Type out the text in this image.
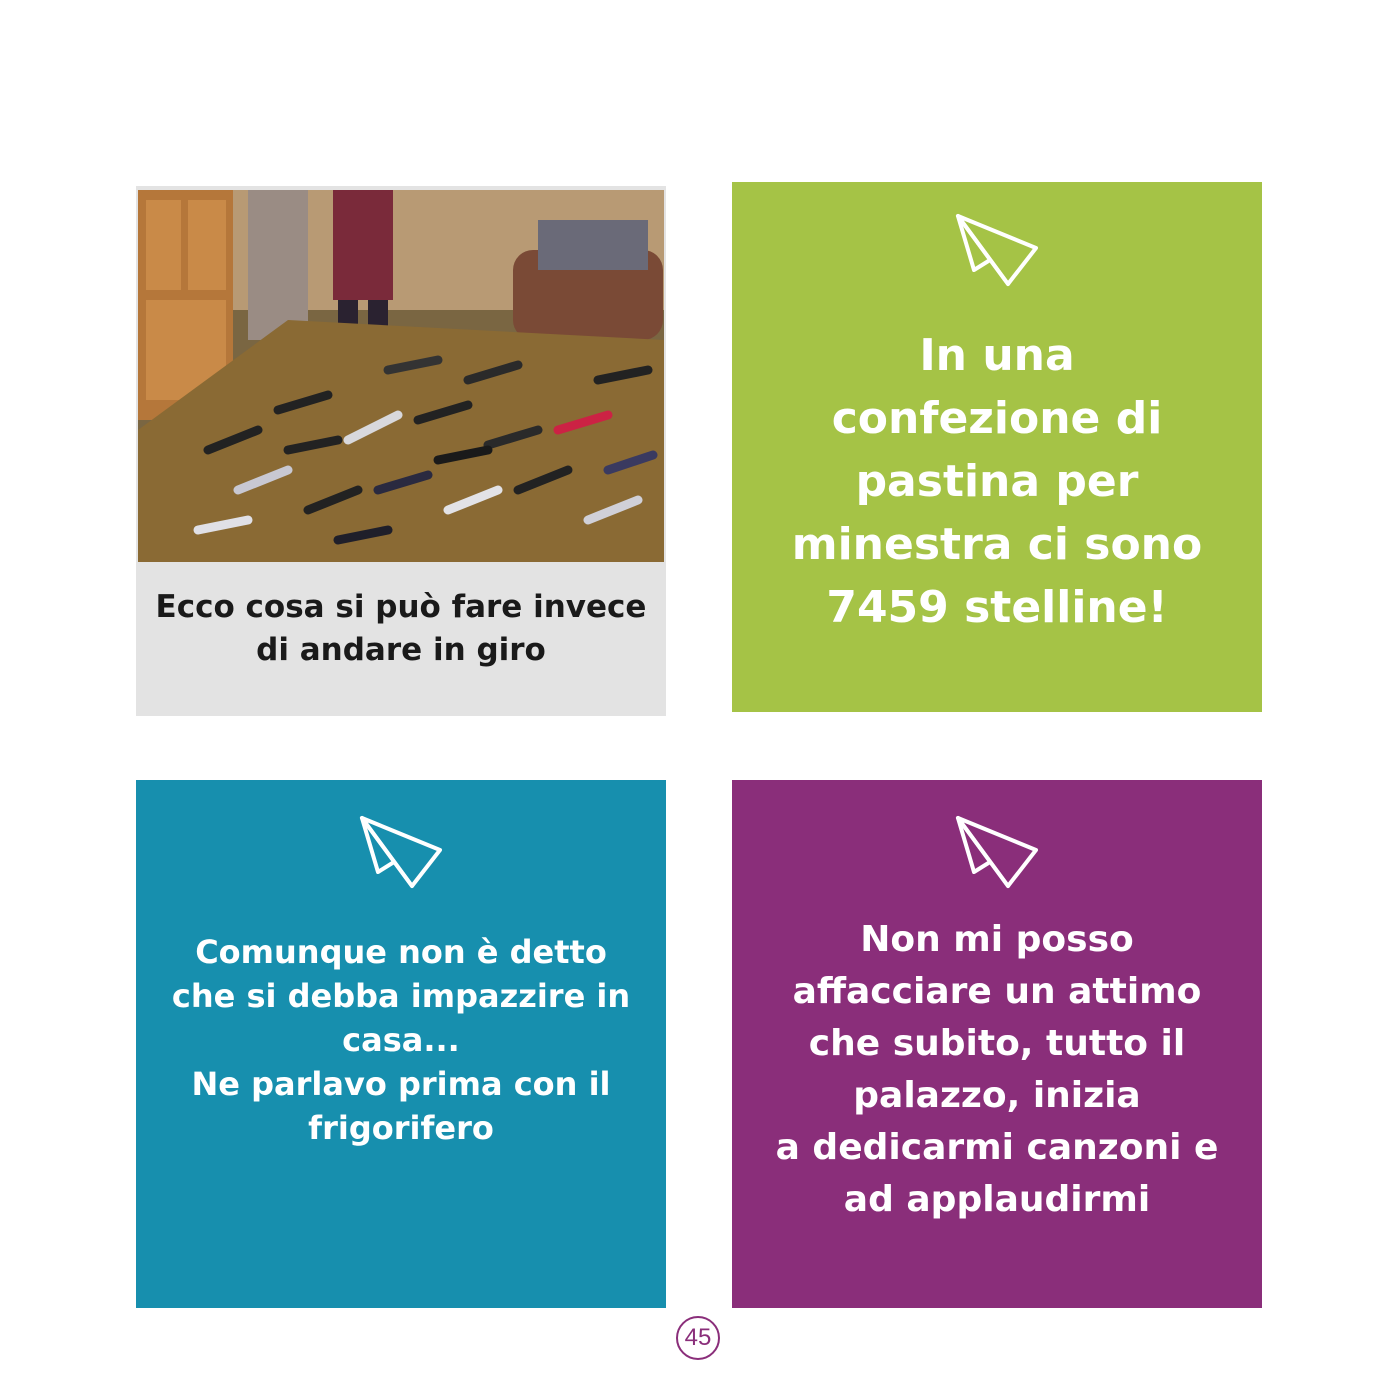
Ecco cosa si può fare invece
di andare in giro
In una
confezione di
pastina per
minestra ci sono
7459 stelline!
Comunque non è detto
che si debba impazzire in
casa...
Ne parlavo prima con il
frigorifero
Non mi posso
affacciare un attimo
che subito, tutto il
palazzo, inizia
a dedicarmi canzoni e
ad applaudirmi
45
